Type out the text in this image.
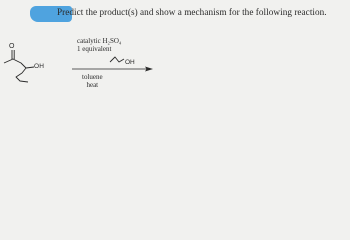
Predict the product(s) and show a mechanism for the following reaction.
O
OH
catalytic H₂SO₄
1 equivalent
OH
toluene
heat
